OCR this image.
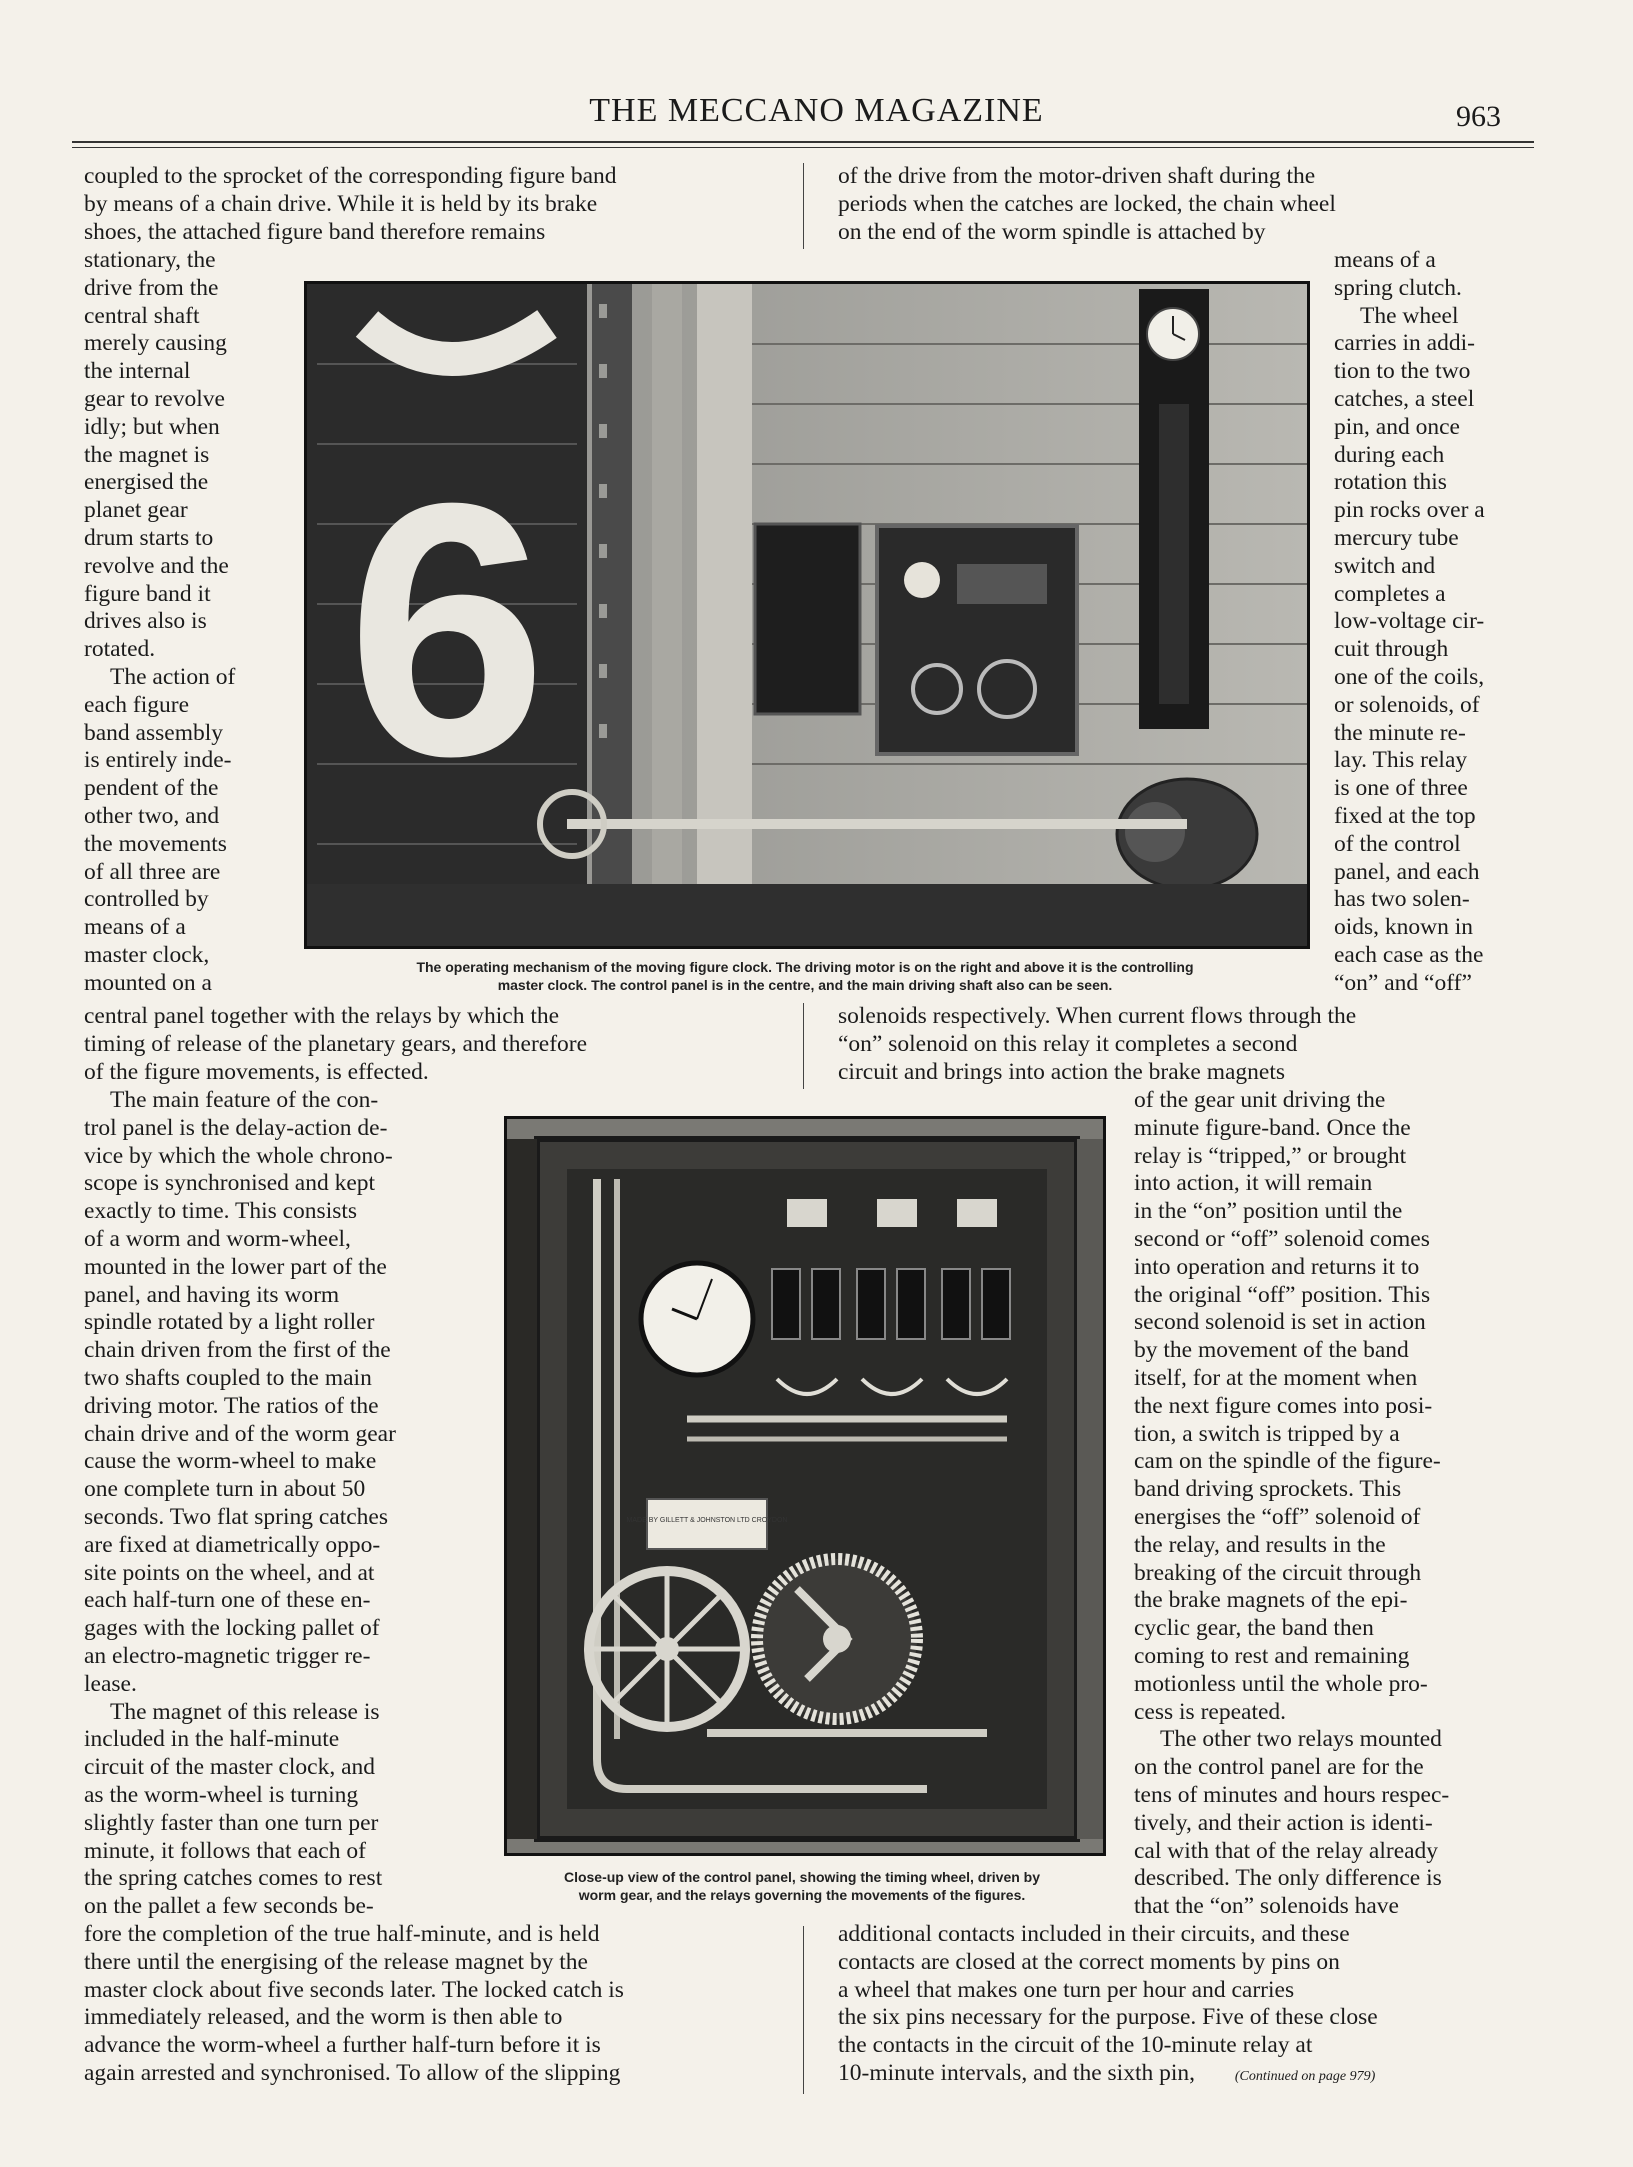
THE MECCANO MAGAZINE	963

coupled to the sprocket of the corresponding figure band

by means of a chain drive. While it is held by its brake

shoes, the attached figure band therefore remains

of the drive from the motor-driven shaft during the

periods when the catches are locked, the chain wheel

on the end of the worm spindle is attached by

stationary, the

drive from the

central shaft

merely causing

the internal

gear to revolve

idly; but when

the magnet is

energised the

planet gear

drum starts to

revolve and the

figure band it

drives also is

rotated.

The action of

each figure

band assembly

is entirely inde-

pendent of the

other two, and

the movements

of all three are

controlled by

means of a

master clock,

mounted on a

means of a

spring clutch.

The wheel

carries in addi-

tion to the two

catches, a steel

pin, and once

during each

rotation this

pin rocks over a

mercury tube

switch and

completes a

low-voltage cir-

cuit through

one of the coils,

or solenoids, of

the minute re-

lay. This relay

is one of three

fixed at the top

of the control

panel, and each

has two solen-

oids, known in

each case as the

“on” and “off”

6
The operating mechanism of the moving figure clock. The driving motor is on the right and above it is the controlling
master clock. The control panel is in the centre, and the main driving shaft also can be seen.

central panel together with the relays by which the

timing of release of the planetary gears, and therefore

of the figure movements, is effected.

solenoids respectively. When current flows through the

“on” solenoid on this relay it completes a second

circuit and brings into action the brake magnets

The main feature of the con-

trol panel is the delay-action de-

vice by which the whole chrono-

scope is synchronised and kept

exactly to time. This consists

of a worm and worm-wheel,

mounted in the lower part of the

panel, and having its worm

spindle rotated by a light roller

chain driven from the first of the

two shafts coupled to the main

driving motor. The ratios of the

chain drive and of the worm gear

cause the worm-wheel to make

one complete turn in about 50

seconds. Two flat spring catches

are fixed at diametrically oppo-

site points on the wheel, and at

each half-turn one of these en-

gages with the locking pallet of

an electro-magnetic trigger re-

lease.

The magnet of this release is

included in the half-minute

circuit of the master clock, and

as the worm-wheel is turning

slightly faster than one turn per

minute, it follows that each of

the spring catches comes to rest

on the pallet a few seconds be-

of the gear unit driving the

minute figure-band. Once the

relay is “tripped,” or brought

into action, it will remain

in the “on” position until the

second or “off” solenoid comes

into operation and returns it to

the original “off” position. This

second solenoid is set in action

by the movement of the band

itself, for at the moment when

the next figure comes into posi-

tion, a switch is tripped by a

cam on the spindle of the figure-

band driving sprockets. This

energises the “off” solenoid of

the relay, and results in the

breaking of the circuit through

the brake magnets of the epi-

cyclic gear, the band then

coming to rest and remaining

motionless until the whole pro-

cess is repeated.

The other two relays mounted

on the control panel are for the

tens of minutes and hours respec-

tively, and their action is identi-

cal with that of the relay already

described. The only difference is

that the “on” solenoids have

MADE BY GILLETT & JOHNSTON LTD CROYDON
Close-up view of the control panel, showing the timing wheel, driven by
worm gear, and the relays governing the movements of the figures.

fore the completion of the true half-minute, and is held

there until the energising of the release magnet by the

master clock about five seconds later. The locked catch is

immediately released, and the worm is then able to

advance the worm-wheel a further half-turn before it is

again arrested and synchronised. To allow of the slipping

additional contacts included in their circuits, and these

contacts are closed at the correct moments by pins on

a wheel that makes one turn per hour and carries

the six pins necessary for the purpose. Five of these close

the contacts in the circuit of the 10-minute relay at

10-minute intervals, and the sixth pin,	(Continued on page 979)
